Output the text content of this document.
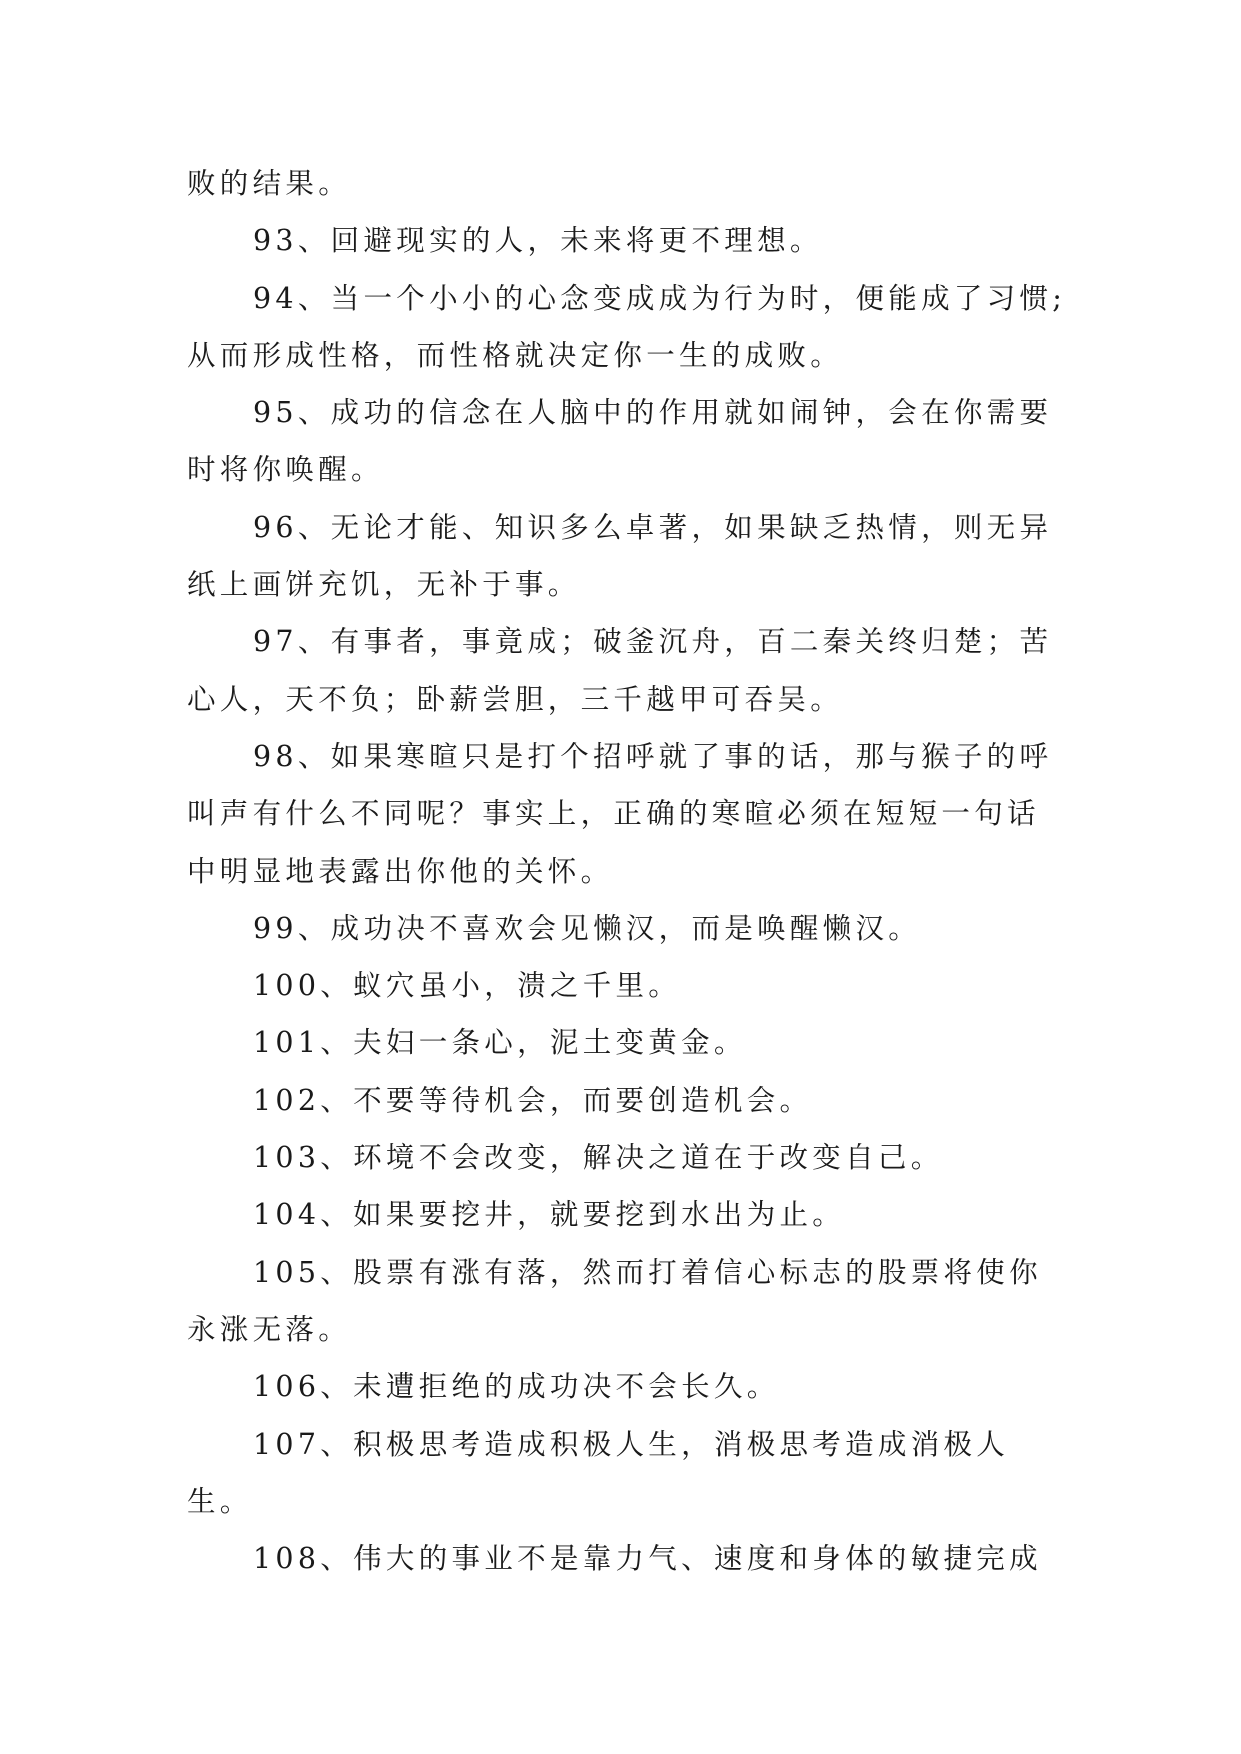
败的结果。

93、回避现实的人，未来将更不理想。

94、当一个小小的心念变成成为行为时，便能成了习惯;从而形成性格，而性格就决定你一生的成败。

95、成功的信念在人脑中的作用就如闹钟，会在你需要时将你唤醒。

96、无论才能、知识多么卓著，如果缺乏热情，则无异纸上画饼充饥，无补于事。

97、有事者，事竟成；破釜沉舟，百二秦关终归楚；苦心人，天不负；卧薪尝胆，三千越甲可吞吴。

98、如果寒暄只是打个招呼就了事的话，那与猴子的呼叫声有什么不同呢？事实上，正确的寒暄必须在短短一句话中明显地表露出你他的关怀。

99、成功决不喜欢会见懒汉，而是唤醒懒汉。

100、蚁穴虽小，溃之千里。

101、夫妇一条心，泥土变黄金。

102、不要等待机会，而要创造机会。

103、环境不会改变，解决之道在于改变自己。

104、如果要挖井，就要挖到水出为止。

105、股票有涨有落，然而打着信心标志的股票将使你永涨无落。

106、未遭拒绝的成功决不会长久。

107、积极思考造成积极人生，消极思考造成消极人生。

108、伟大的事业不是靠力气、速度和身体的敏捷完成
